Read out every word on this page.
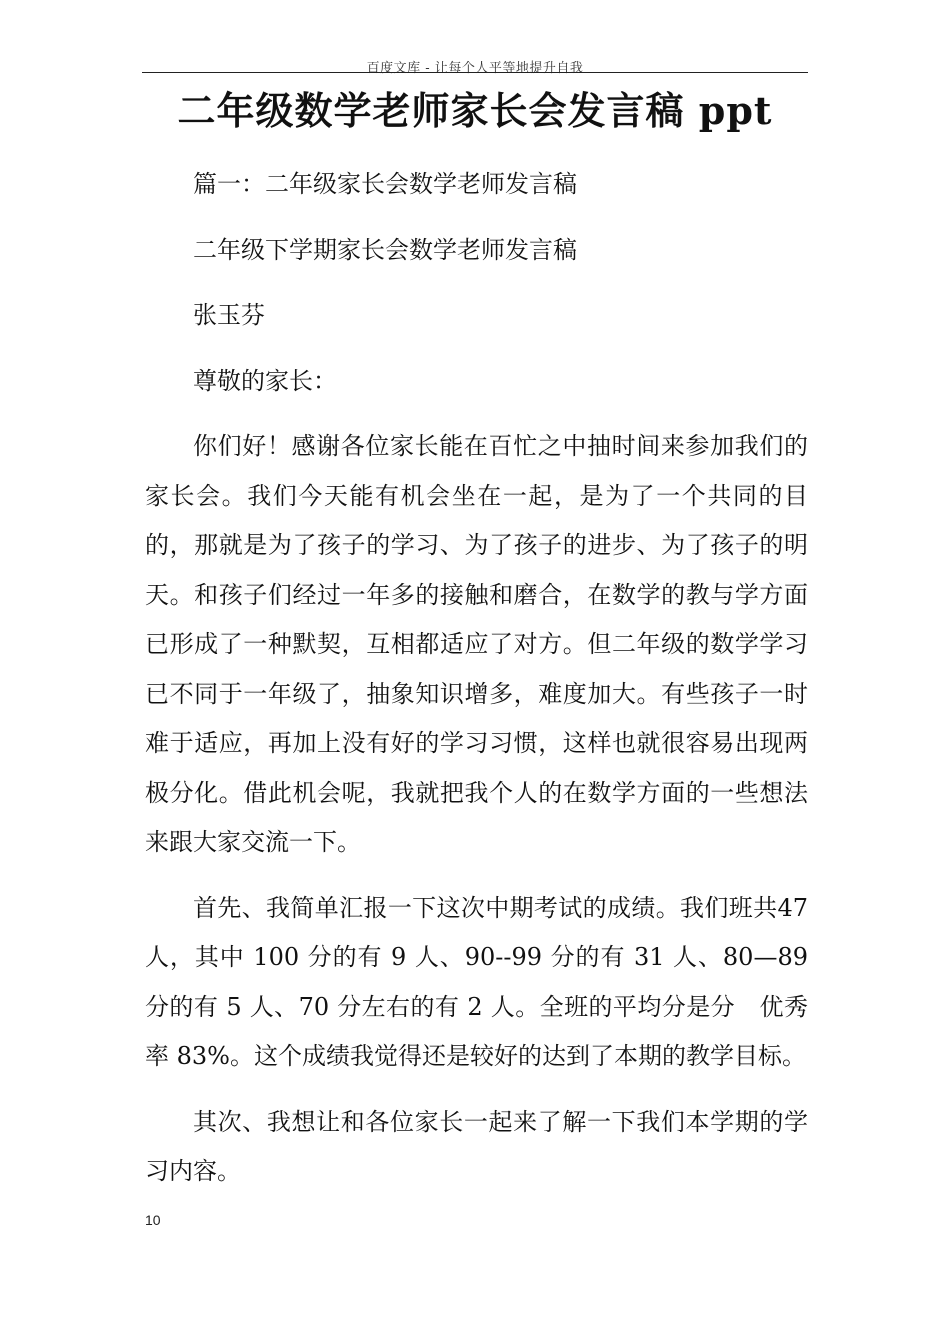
百度文库 - 让每个人平等地提升自我
二年级数学老师家长会发言稿 ppt

篇一：二年级家长会数学老师发言稿

二年级下学期家长会数学老师发言稿

张玉芬

尊敬的家长：

你们好！感谢各位家长能在百忙之中抽时间来参加我们的家长会。我们今天能有机会坐在一起，是为了一个共同的目的，那就是为了孩子的学习、为了孩子的进步、为了孩子的明天。和孩子们经过一年多的接触和磨合，在数学的教与学方面已形成了一种默契，互相都适应了对方。但二年级的数学学习已不同于一年级了，抽象知识增多，难度加大。有些孩子一时难于适应，再加上没有好的学习习惯，这样也就很容易出现两极分化。借此机会呢，我就把我个人的在数学方面的一些想法来跟大家交流一下。

首先、我简单汇报一下这次中期考试的成绩。我们班共47 人，其中 100 分的有 9 人、90--99 分的有 31 人、80—89分的有 5 人、70 分左右的有 2 人。全班的平均分是分　优秀率 83%。这个成绩我觉得还是较好的达到了本期的教学目标。

其次、我想让和各位家长一起来了解一下我们本学期的学习内容。

10
